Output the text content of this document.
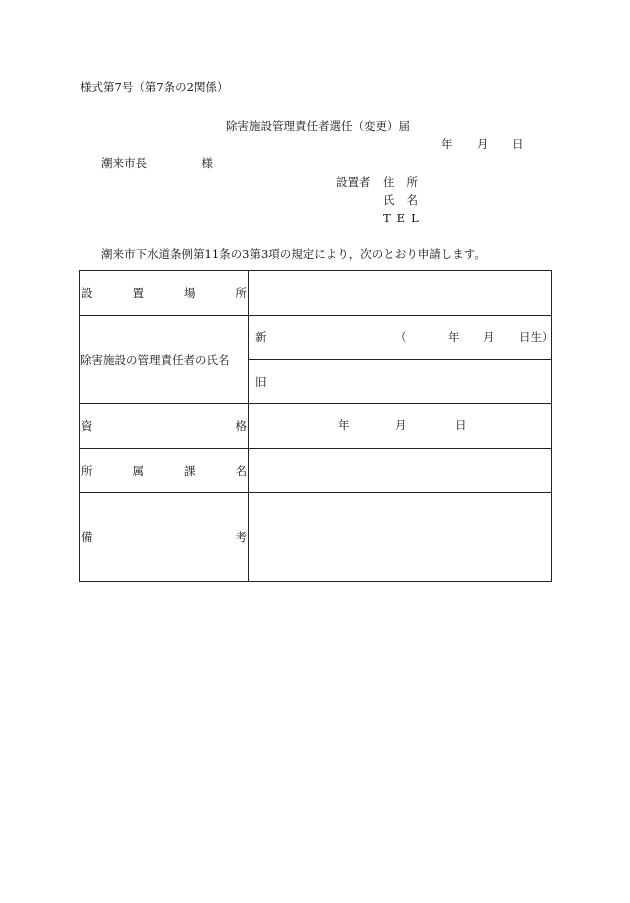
様式第7号（第7条の2関係）
除害施設管理責任者選任（変更）届
年 月 日
潮来市長	様
設置者 住 所
氏 名
T E L
潮来市下水道条例第11条の3第3項の規定により，次のとおり申請します。
設 置 場 所	

除害施設の管理責任者の氏名	新 （ 年 月 日生）

	旧

資 格	年 月 日

所 属 課 名	

備 考	
